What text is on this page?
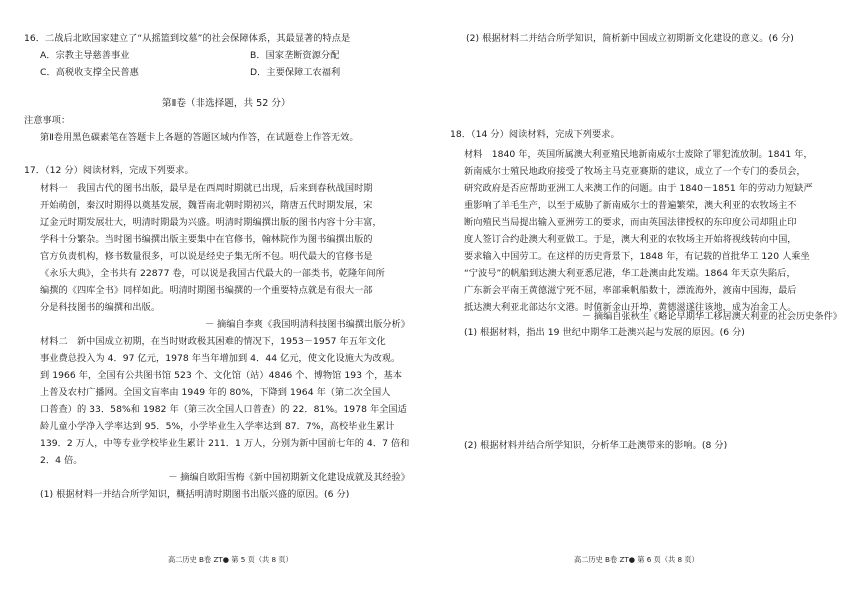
16．二战后北欧国家建立了“从摇篮到坟墓”的社会保障体系，其最显著的特点是
A．宗教主导慈善事业	B．国家垄断资源分配
C．高税收支撑全民普惠	D．主要保障工农福利
第Ⅱ卷（非选择题，共 52 分）
注意事项：
第Ⅱ卷用黑色碳素笔在答题卡上各题的答题区域内作答，在试题卷上作答无效。
17．（12 分）阅读材料，完成下列要求。
材料一　我国古代的图书出版，最早是在西周时期就已出现，后来到春秋战国时期
开始萌创，秦汉时期得以奠基发展，魏晋南北朝时期初兴，隋唐五代时期发展，宋
辽金元时期发展壮大，明清时期最为兴盛。明清时期编撰出版的图书内容十分丰富，
学科十分繁杂。当时图书编撰出版主要集中在官修书，翰林院作为图书编撰出版的
官方负责机构，修书数量很多，可以说是经史子集无所不包。明代最大的官修书是
《永乐大典》，全书共有 22877 卷，可以说是我国古代最大的一部类书，乾隆年间所
编撰的《四库全书》同样如此。明清时期图书编撰的一个重要特点就是有很大一部
分是科技图书的编撰和出版。
－ 摘编自李爽《我国明清科技图书编撰出版分析》
材料二　新中国成立初期，在当时财政极其困难的情况下，1953－1957 年五年文化
事业费总投入为 4．97 亿元，1978 年当年增加到 4．44 亿元，使文化设施大为改观。
到 1966 年，全国有公共图书馆 523 个、文化馆（站）4846 个、博物馆 193 个，基本
上普及农村广播网。全国文盲率由 1949 年的 80%，下降到 1964 年（第二次全国人
口普查）的 33．58%和 1982 年（第三次全国人口普查）的 22．81%。1978 年全国适
龄儿童小学净入学率达到 95．5%，小学毕业生入学率达到 87．7%，高校毕业生累计
139．2 万人，中等专业学校毕业生累计 211．1 万人，分别为新中国前七年的 4．7 倍和
2．4 倍。
－ 摘编自欧阳雪梅《新中国初期新文化建设成就及其经验》
(1) 根据材料一并结合所学知识，概括明清时期图书出版兴盛的原因。(6 分)
高二历史 B卷 ZT● 第 5 页（共 8 页）
(2) 根据材料二并结合所学知识，简析新中国成立初期新文化建设的意义。(6 分)
18．（14 分）阅读材料，完成下列要求。
材料　1840 年，英国所属澳大利亚殖民地新南威尔士废除了罪犯流放制。1841 年，
新南威尔士殖民地政府接受了牧场主马克亚赛斯的建议，成立了一个专门的委员会，
研究政府是否应帮助亚洲工人来澳工作的问题。由于 1840－1851 年的劳动力短缺严
重影响了羊毛生产，以至于威胁了新南威尔士的普遍繁荣，澳大利亚的农牧场主不
断向殖民当局提出输入亚洲劳工的要求，而由英国法律授权的东印度公司却阻止印
度人签订合约赴澳大利亚做工。于是，澳大利亚的农牧场主开始将视线转向中国，
要求输入中国劳工。在这样的历史背景下，1848 年，有记载的首批华工 120 人乘坐
“宁波号”的帆船到达澳大利亚悉尼港，华工赴澳由此发端。1864 年天京失陷后，
广东新会平南王黄德滋宁死不屈，率部乘帆船数十，漂流海外，渡南中国海，最后
抵达澳大利亚北部达尔文港。时值新金山开埠，黄德滋遂往该地，成为冶金工人。
－ 摘编自张秋生《略论早期华工移居澳大利亚的社会历史条件》
(1) 根据材料，指出 19 世纪中期华工赴澳兴起与发展的原因。(6 分)
(2) 根据材料并结合所学知识，分析华工赴澳带来的影响。(8 分)
高二历史 B卷 ZT● 第 6 页（共 8 页）
